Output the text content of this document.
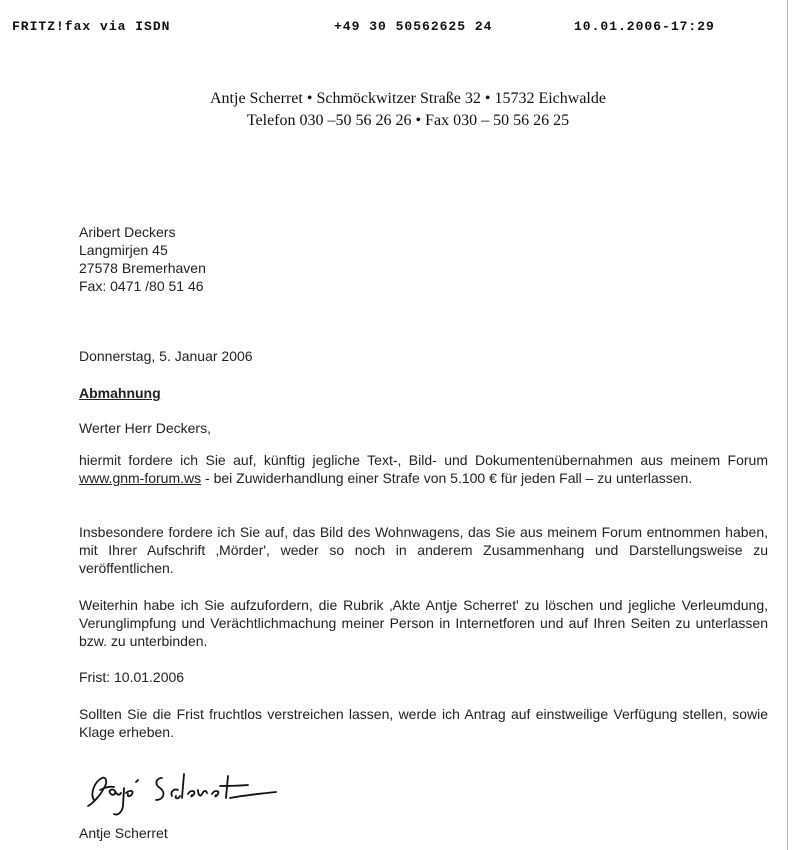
FRITZ!fax via ISDN	+49 30 50562625 24	10.01.2006-17:29
Antje Scherret • Schmöckwitzer Straße 32 • 15732 Eichwalde
Telefon 030 –50 56 26 26 • Fax 030 – 50 56 26 25
Aribert Deckers
Langmirjen 45
27578 Bremerhaven
Fax: 0471 /80 51 46
Donnerstag, 5. Januar 2006
Abmahnung
Werter Herr Deckers,
hiermit fordere ich Sie auf, künftig jegliche Text-, Bild- und Dokumentenübernahmen aus meinem Forum www.gnm-forum.ws - bei Zuwiderhandlung einer Strafe von 5.100 € für jeden Fall – zu unterlassen.
Insbesondere fordere ich Sie auf, das Bild des Wohnwagens, das Sie aus meinem Forum entnommen haben, mit Ihrer Aufschrift ‚Mörder', weder so noch in anderem Zusammenhang und Darstellungsweise zu veröffentlichen.
Weiterhin habe ich Sie aufzufordern, die Rubrik ‚Akte Antje Scherret' zu löschen und jegliche Verleumdung, Verunglimpfung und Verächtlichmachung meiner Person in Internetforen und auf Ihren Seiten zu unterlassen bzw. zu unterbinden.
Frist: 10.01.2006
Sollten Sie die Frist fruchtlos verstreichen lassen, werde ich Antrag auf einstweilige Verfügung stellen, sowie Klage erheben.
Antje Scherret
